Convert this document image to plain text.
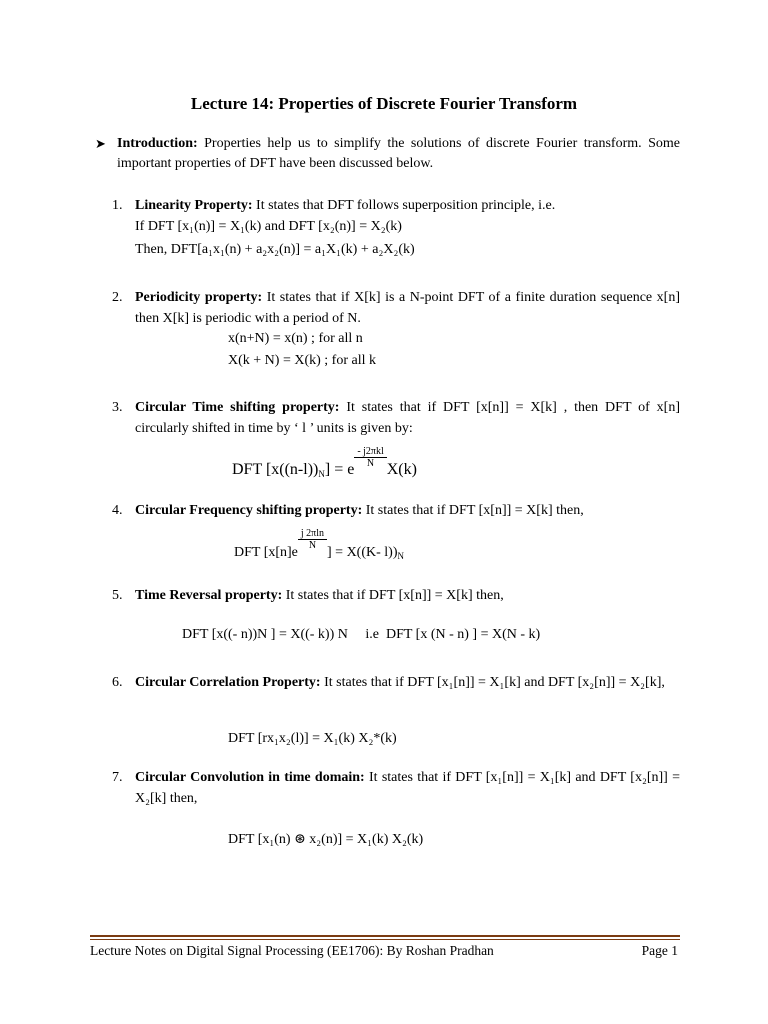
Lecture 14: Properties of Discrete Fourier Transform
➤ Introduction: Properties help us to simplify the solutions of discrete Fourier transform. Some important properties of DFT have been discussed below.
1. Linearity Property: It states that DFT follows superposition principle, i.e.
If DFT [x₁(n)] = X₁(k) and DFT [x₂(n)] = X₂(k)
Then, DFT[a₁x₁(n) + a₂x₂(n)] = a₁X₁(k) + a₂X₂(k)
2. Periodicity property: It states that if X[k] is a N-point DFT of a finite duration sequence x[n] then X[k] is periodic with a period of N.
x(n+N) = x(n) ; for all n
X(k + N) = X(k) ; for all k
3. Circular Time shifting property: It states that if DFT [x[n]] = X[k] , then DFT of x[n] circularly shifted in time by ‘ l ’ units is given by:
DFT $[x((n-l))_N] = e$
$\frac{\text{- j2πkl}}{N}$
X(k)
4. Circular Frequency shifting property: It states that if DFT [x[n]] = X[k] then,
DFT [x[n]e
$\frac{j 2\pi\ln}{N}$
] = X((K- $l))_N$
5. Time Reversal property: It states that if DFT [x[n]] = X[k] then,
DFT [x((- n))N ] = X((- k)) N     i.e  DFT [x (N - n) ] = X(N - k)
6. Circular Correlation Property: It states that if DFT [x₁[n]] = X₁[k] and DFT [x₂[n]] = X₂[k],
DFT [rx₁x₂(l)] = X₁(k) X₂*(k)
7. Circular Convolution in time domain: It states that if DFT [x₁[n]] = X₁[k] and DFT [x₂[n]] = X₂[k] then,
DFT [x₁(n) ⊛ x₂(n)] = X₁(k) X₂(k)
Lecture Notes on Digital Signal Processing (EE1706): By Roshan Pradhan	Page 1
